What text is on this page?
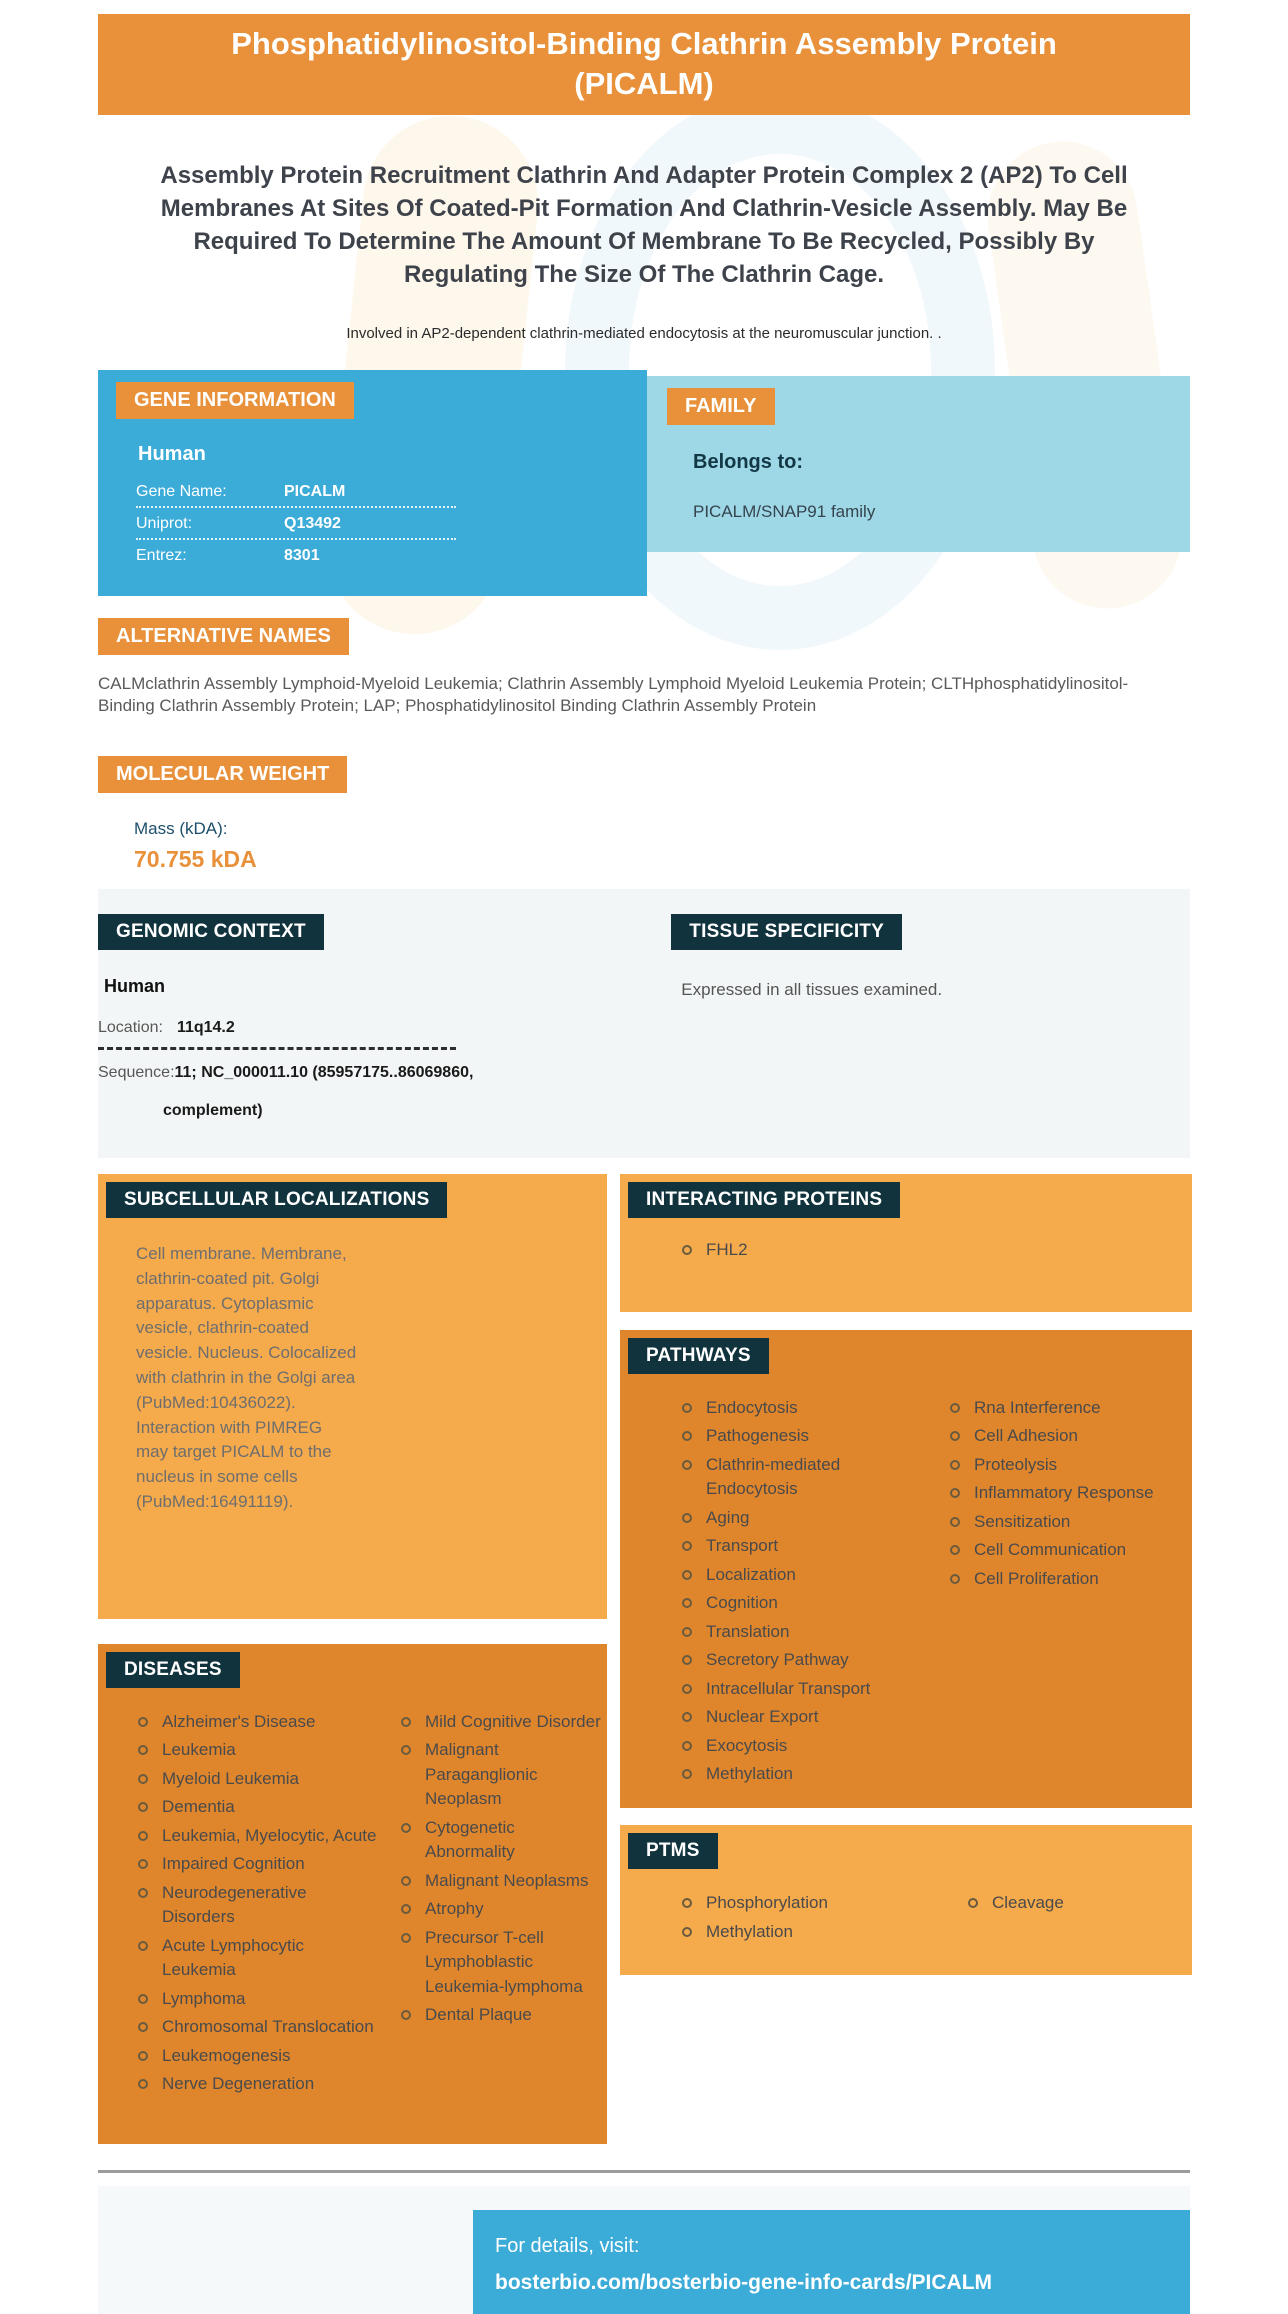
Phosphatidylinositol-Binding Clathrin Assembly Protein (PICALM)

Assembly Protein Recruitment Clathrin And Adapter Protein Complex 2 (AP2) To Cell Membranes At Sites Of Coated-Pit Formation And Clathrin-Vesicle Assembly. May Be Required To Determine The Amount Of Membrane To Be Recycled, Possibly By Regulating The Size Of The Clathrin Cage.

Involved in AP2-dependent clathrin-mediated endocytosis at the neuromuscular junction. .

GENE INFORMATION
Human
Gene Name:	PICALM
Uniprot:	Q13492
Entrez:	8301
FAMILY
Belongs to:
PICALM/SNAP91 family
ALTERNATIVE NAMES

CALMclathrin Assembly Lymphoid-Myeloid Leukemia; Clathrin Assembly Lymphoid Myeloid Leukemia Protein; CLTHphosphatidylinositol-Binding Clathrin Assembly Protein; LAP; Phosphatidylinositol Binding Clathrin Assembly Protein

MOLECULAR WEIGHT
Mass (kDA):
70.755 kDA
GENOMIC CONTEXT
Human
Location: 11q14.2
Sequence:11; NC_000011.10 (85957175..86069860,
complement)
TISSUE SPECIFICITY

Expressed in all tissues examined.

SUBCELLULAR LOCALIZATIONS

Cell membrane. Membrane, clathrin-coated pit. Golgi apparatus. Cytoplasmic vesicle, clathrin-coated vesicle. Nucleus. Colocalized with clathrin in the Golgi area (PubMed:10436022). Interaction with PIMREG may target PICALM to the nucleus in some cells (PubMed:16491119).

DISEASES
Alzheimer's Disease
Leukemia
Myeloid Leukemia
Dementia
Leukemia, Myelocytic, Acute
Impaired Cognition
Neurodegenerative Disorders
Acute Lymphocytic Leukemia
Lymphoma
Chromosomal Translocation
Leukemogenesis
Nerve Degeneration
Mild Cognitive Disorder
Malignant Paraganglionic Neoplasm
Cytogenetic Abnormality
Malignant Neoplasms
Atrophy
Precursor T-cell Lymphoblastic Leukemia-lymphoma
Dental Plaque
INTERACTING PROTEINS
FHL2
PATHWAYS
Endocytosis
Pathogenesis
Clathrin-mediated Endocytosis
Aging
Transport
Localization
Cognition
Translation
Secretory Pathway
Intracellular Transport
Nuclear Export
Exocytosis
Methylation
Rna Interference
Cell Adhesion
Proteolysis
Inflammatory Response
Sensitization
Cell Communication
Cell Proliferation
PTMS
Phosphorylation
Methylation
Cleavage
For details, visit:
bosterbio.com/bosterbio-gene-info-cards/PICALM
